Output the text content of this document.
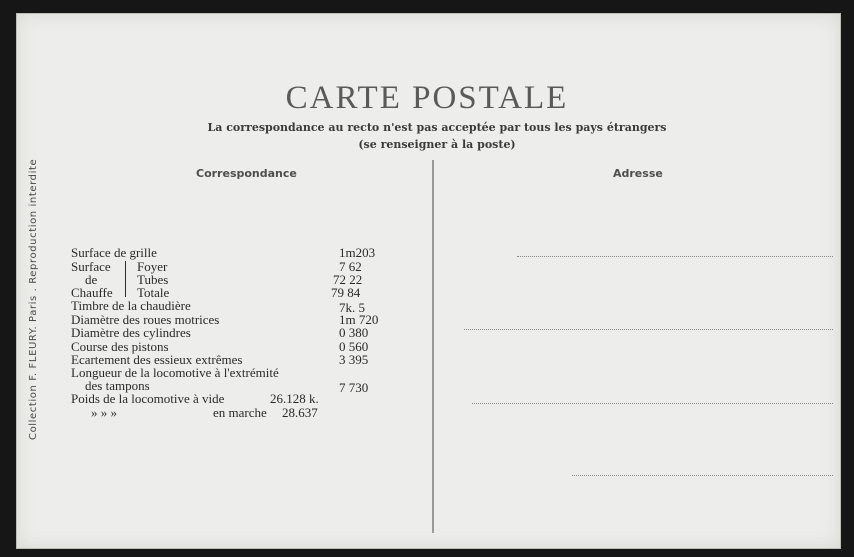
Collection F. FLEURY. Paris . Reproduction interdite
CARTE POSTALE
La correspondance au recto n'est pas acceptée par tous les pays étrangers
(se renseigner à la poste)
Correspondance	Adresse
Surface de grille	1m203
Surface
de
Chauffe
Foyer	7 62
Tubes	72 22
Totale	79 84
Timbre de la chaudière	7k. 5
Diamètre des roues motrices	1m 720
Diamètre des cylindres	0 380
Course des pistons	0 560
Ecartement des essieux extrêmes	3 395
Longueur de la locomotive à l'extrémité
des tampons	7 730
Poids de la locomotive à vide	26.128 k.
» » »	en marche 28.637
